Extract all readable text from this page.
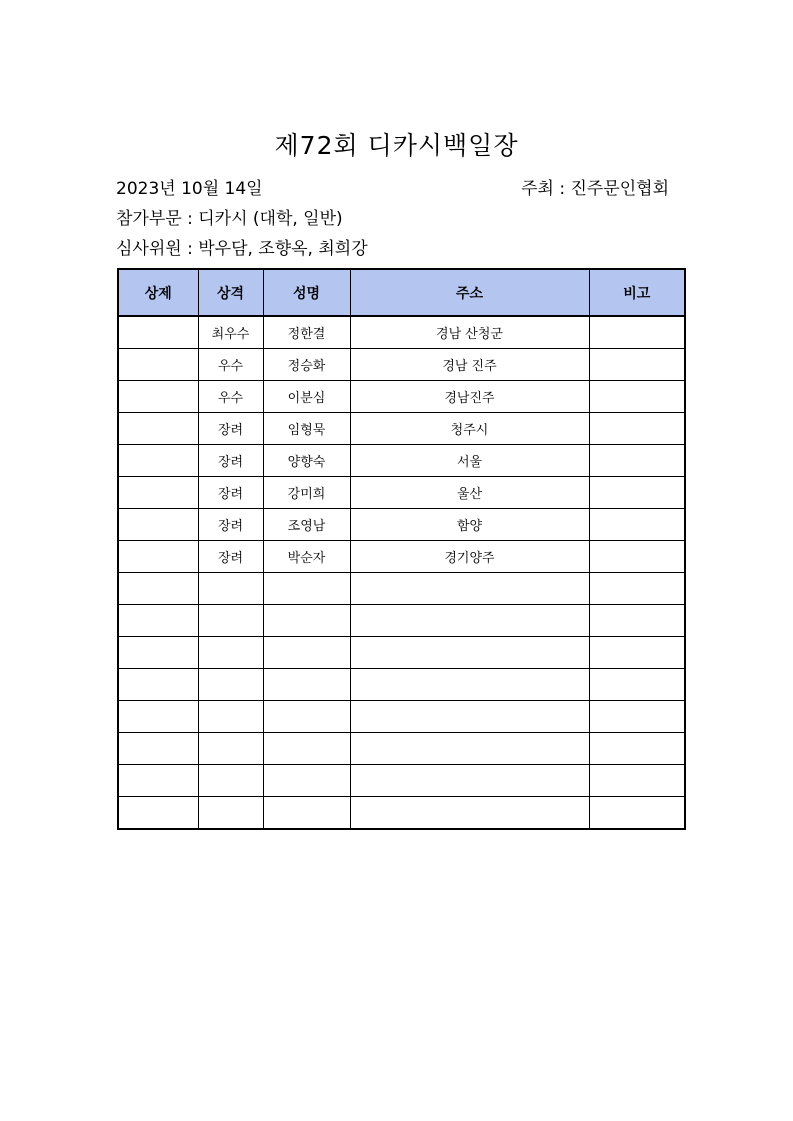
제72회 디카시백일장
2023년 10월 14일	주최 : 진주문인협회
참가부문 : 디카시 (대학, 일반)
심사위원 : 박우담, 조향옥, 최희강
상제	상격	성명	주소	비고
	최우수	정한결	경남 산청군	
	우수	정승화	경남 진주	
	우수	이분심	경남진주	
	장려	임형묵	청주시	
	장려	양향숙	서울	
	장려	강미희	울산	
	장려	조영남	함양	
	장려	박순자	경기양주	
